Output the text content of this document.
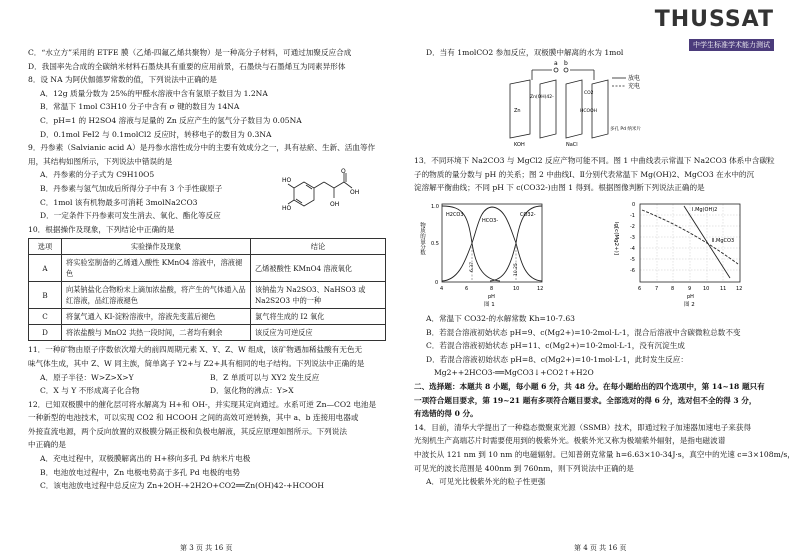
THUSSAT
中学生标准学术能力测试
C．“水立方”采用的 ETFE 膜（乙烯-四氟乙烯共聚物）是一种高分子材料，可通过加聚反应合成
D．我国率先合成的全碳纳米材料石墨炔具有重要的应用前景，石墨炔与石墨烯互为同素异形体
8．设 NA 为阿伏伽德罗常数的值，下列说法中正确的是
A．12g 质量分数为 25%的甲醛水溶液中含有氢原子数目为 1.2NA
B．常温下 1mol C3H10 分子中含有 σ 键的数目为 14NA
C．pH=1 的 H2SO4 溶液与足量的 Zn 反应产生的氢气分子数目为 0.05NA
D．0.1mol FeI2 与 0.1molCl2 反应时，转移电子的数目为 0.3NA
9．丹参素（Salvianic acid A）是丹参水溶性成分中的主要有效成分之一，具有祛瘀、生新、活血等作
用，其结构如图所示，下列说法中错误的是
A．丹参素的分子式为 C9H10O5
B．丹参素与氢气加成后所得分子中有 3 个手性碳原子
C．1mol 该有机物最多可消耗 3molNa2CO3
D．一定条件下丹参素可发生消去、氧化、酯化等反应
10．根据操作及现象，下列结论中正确的是
选项	实验操作及现象	结论
A	将实验室制备的乙烯通入酸性 KMnO4 溶液中，溶液褪色	乙烯被酸性 KMnO4 溶液氧化
B	向某钠盐化合物粉末上滴加浓盐酸，将产生的气体通入品红溶液，品红溶液褪色	该钠盐为 Na2SO3、NaHSO3 或 Na2S2O3 中的一种
C	将氯气通入 KI-淀粉溶液中，溶液先变蓝后褪色	氯气将生成的 I2 氧化
D	将浓盐酸与 MnO2 共热一段时间，二者均有剩余	该反应为可逆反应
11．一种矿物由原子序数依次增大的前四周期元素 X、Y、Z、W 组成，该矿物遇加稀盐酸有无色无
味气体生成，其中 Z、W 同主族，简单离子 Y2+与 Z2+具有相同的电子结构。下列说法中正确的是
A．原子半径：W>Z>X>Y	B．Z 单质可以与 XY2 发生反应
C．X 与 Y 不形成离子化合物	D．氢化物的沸点：Y>X
12．已知双极膜中的催化层可将水解离为 H+和 OH-，并实现其定向通过。水系可逆 Zn—CO2 电池是
一种新型的电池技术，可以实现 CO2 和 HCOOH 之间的高效可逆转换，其中 a、b 连接用电器或
外接直流电源，两个反向放置的双极膜分隔正极和负极电解液，其反应原理如图所示。下列说法
中正确的是
A．充电过程中，双极膜解离出的 H+移向多孔 Pd 纳米片电极
B．电池放电过程中，Zn 电极电势高于多孔 Pd 电极的电势
C．该电池放电过程中总反应为 Zn+2OH-+2H2O+CO2══Zn(OH)42-+HCOOH
HO
HO
O
OH
OH
D．当有 1molCO2 参加反应，双极膜中解离的水为 1mol
a b
放电
充电
Zn
Zn(OH)42-
KOH	NaCl
HCOOH
CO2
多孔 Pd 纳米片
13．不同环境下 Na2CO3 与 MgCl2 反应产物可能不同。图 1 中曲线表示常温下 Na2CO3 体系中含碳粒
子的物质的量分数与 pH 的关系；图 2 中曲线Ⅰ、Ⅱ分别代表常温下 Mg(OH)2、MgCO3 在水中的沉
淀溶解平衡曲线；不同 pH 下 c(CO32-)由图 1 得到。根据图像判断下列说法正确的是
物质的量分数
H2CO3
HCO3-
CO32-
6.37	10.25
0
0.5
1.0
4	6	8	10	12
pH
图 1
lg[c(Mg2+)]
Ⅰ.Mg(OH)2
Ⅱ.MgCO3
0
-1
-2
-3
-4
-5
-6
6	7	8	9 10 11 12
pH
图 2
A．常温下 CO32-的水解常数 Kh=10-7.63
B．若混合溶液初始状态 pH=9、c(Mg2+)=10-2mol·L-1，混合后溶液中含碳微粒总数不变
C．若混合溶液初始状态 pH=11、c(Mg2+)=10-2mol·L-1，没有沉淀生成
D．若混合溶液初始状态 pH=8、c(Mg2+)=10-1mol·L-1，此时发生反应：
Mg2++2HCO3-══MgCO3↓+CO2↑+H2O
二、选择题：本题共 8 小题，每小题 6 分，共 48 分。在每小题给出的四个选项中，第 14~18 题只有
一项符合题目要求，第 19~21 题有多项符合题目要求。全部选对的得 6 分，选对但不全的得 3 分，
有选错的得 0 分。
14．目前，清华大学提出了一种稳态微聚束光源（SSMB）技术，即通过粒子加速器加速电子来获得
光刻机生产高端芯片时需要使用到的极紫外光。极紫外光又称为极端紫外辐射，是指电磁波谱
中波长从 121 nm 到 10 nm 的电磁辐射。已知普朗克常量 h=6.63×10-34J·s，真空中的光速 c=3×108m/s，
可见光的波长范围是 400nm 到 760nm，则下列说法中正确的是
A．可见光比极紫外光的粒子性更强
第 3 页 共 16 页	第 4 页 共 16 页
